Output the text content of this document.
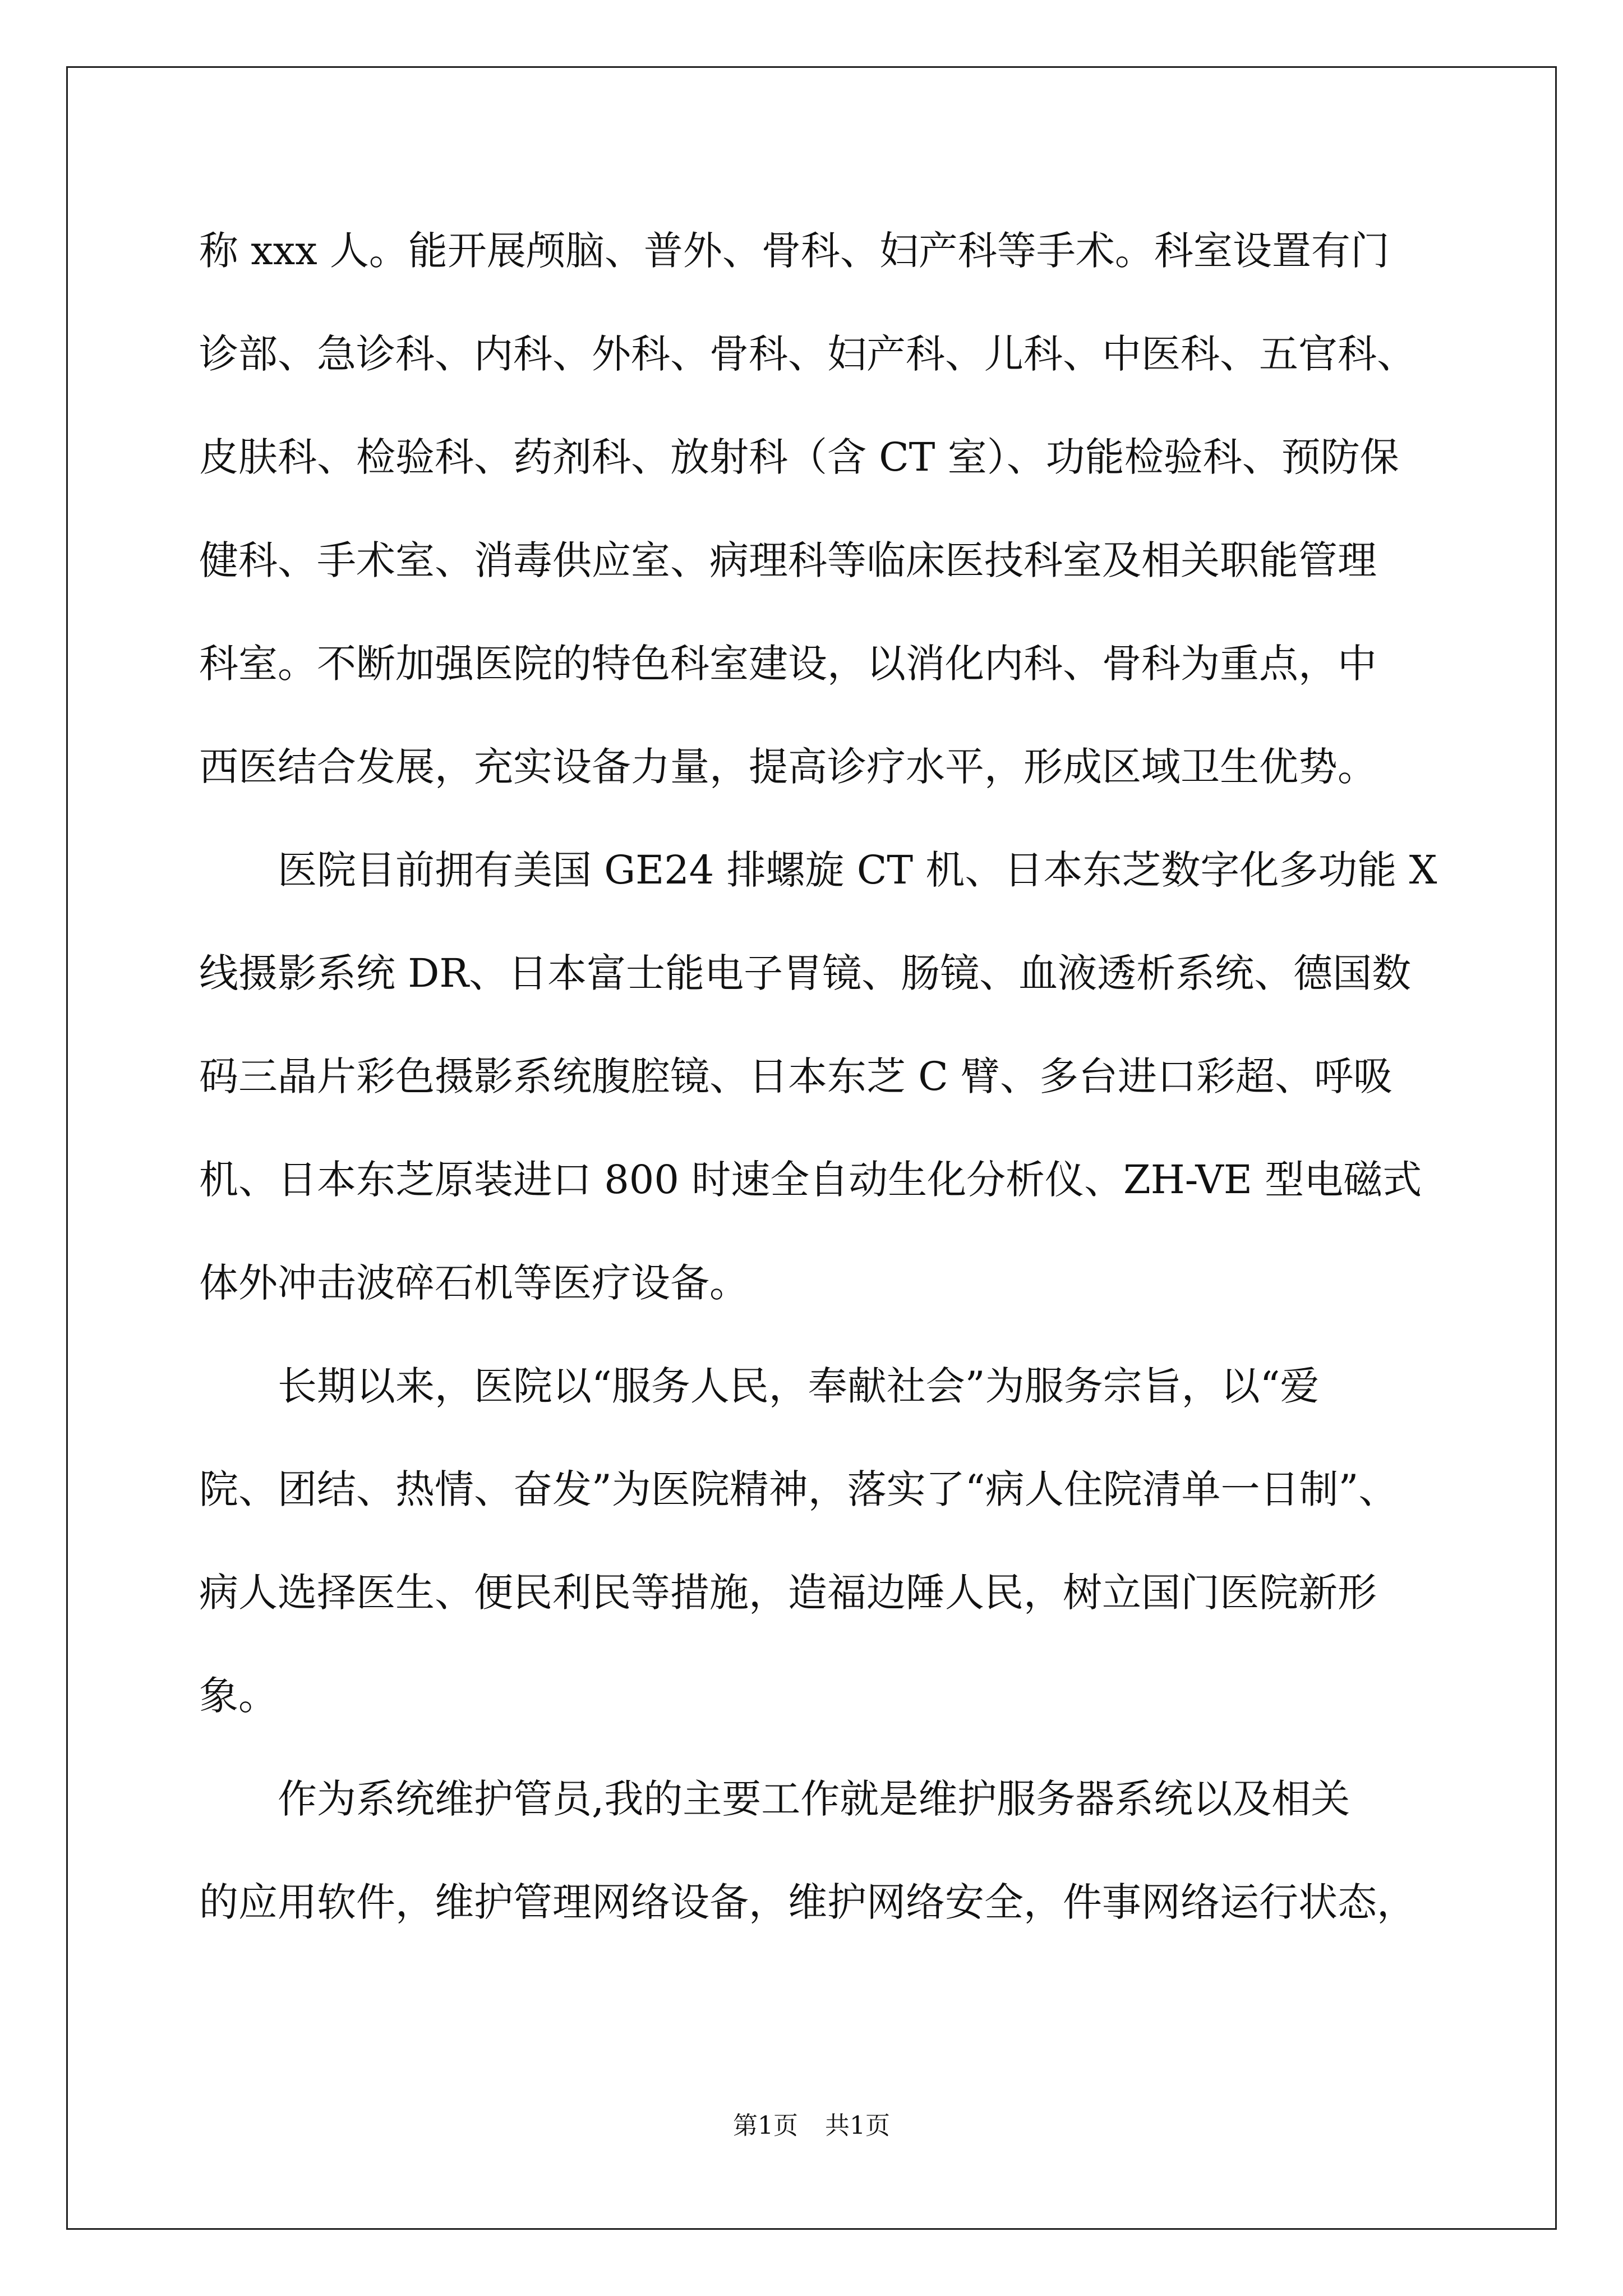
称 xxx 人。能开展颅脑、普外、骨科、妇产科等手术。科室设置有门
诊部、急诊科、内科、外科、骨科、妇产科、儿科、中医科、五官科、
皮肤科、检验科、药剂科、放射科（含 CT 室）、功能检验科、预防保
健科、手术室、消毒供应室、病理科等临床医技科室及相关职能管理
科室。不断加强医院的特色科室建设，以消化内科、骨科为重点，中
西医结合发展，充实设备力量，提高诊疗水平，形成区域卫生优势。
　　医院目前拥有美国 GE24 排螺旋 CT 机、日本东芝数字化多功能 X
线摄影系统 DR、日本富士能电子胃镜、肠镜、血液透析系统、德国数
码三晶片彩色摄影系统腹腔镜、日本东芝 C 臂、多台进口彩超、呼吸
机、日本东芝原装进口 800 时速全自动生化分析仪、ZH-VE 型电磁式
体外冲击波碎石机等医疗设备。
　　长期以来，医院以“服务人民，奉献社会”为服务宗旨，以“爱
院、团结、热情、奋发”为医院精神，落实了“病人住院清单一日制”、
病人选择医生、便民利民等措施，造福边陲人民，树立国门医院新形
象。
　　作为系统维护管员,我的主要工作就是维护服务器系统以及相关
的应用软件，维护管理网络设备，维护网络安全，件事网络运行状态，
第1页 共1页
